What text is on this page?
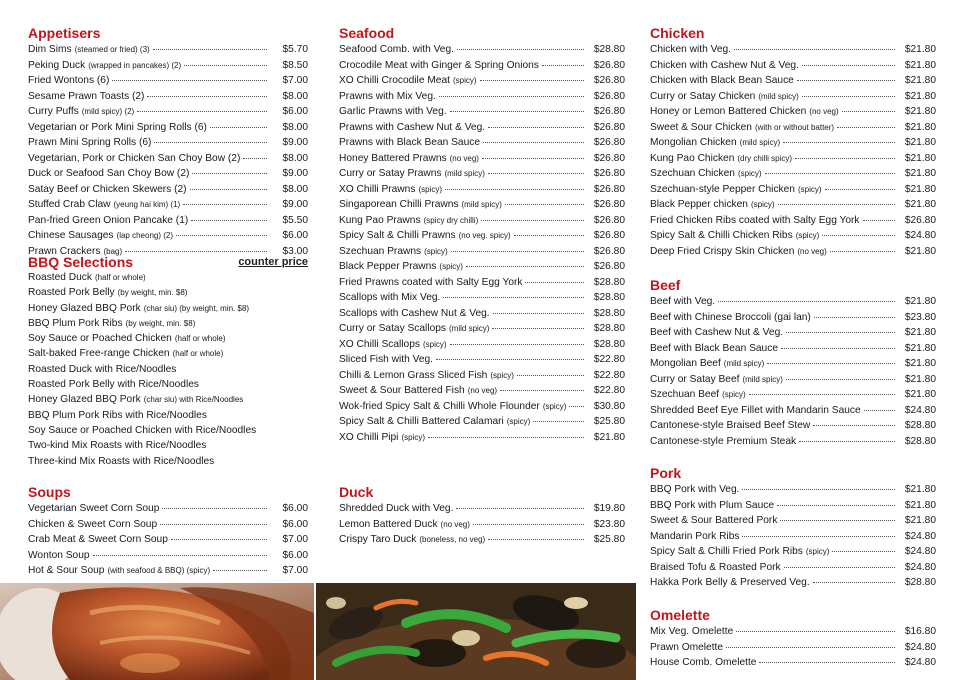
Appetisers
Dim Sims (steamed or fried) (3)	$5.70
Peking Duck (wrapped in pancakes) (2)	$8.50
Fried Wontons (6)	$7.00
Sesame Prawn Toasts (2)	$8.00
Curry Puffs (mild spicy) (2)	$6.00
Vegetarian or Pork Mini Spring Rolls (6)	$8.00
Prawn Mini Spring Rolls (6)	$9.00
Vegetarian, Pork or Chicken San Choy Bow (2)	$8.00
Duck or Seafood San Choy Bow (2)	$9.00
Satay Beef or Chicken Skewers (2)	$8.00
Stuffed Crab Claw (yeung hai kim) (1)	$9.00
Pan-fried Green Onion Pancake (1)	$5.50
Chinese Sausages (lap cheong) (2)	$6.00
Prawn Crackers (bag)	$3.00
BBQ Selections	counter price
Roasted Duck (half or whole)
Roasted Pork Belly (by weight, min. $8)
Honey Glazed BBQ Pork (char siu) (by weight, min. $8)
BBQ Plum Pork Ribs (by weight, min. $8)
Soy Sauce or Poached Chicken (half or whole)
Salt-baked Free-range Chicken (half or whole)
Roasted Duck with Rice/Noodles
Roasted Pork Belly with Rice/Noodles
Honey Glazed BBQ Pork (char siu) with Rice/Noodles
BBQ Plum Pork Ribs with Rice/Noodles
Soy Sauce or Poached Chicken with Rice/Noodles
Two-kind Mix Roasts with Rice/Noodles
Three-kind Mix Roasts with Rice/Noodles
Soups
Vegetarian Sweet Corn Soup	$6.00
Chicken & Sweet Corn Soup	$6.00
Crab Meat & Sweet Corn Soup	$7.00
Wonton Soup	$6.00
Hot & Sour Soup (with seafood & BBQ) (spicy)	$7.00
Seafood
Seafood Comb. with Veg.	$28.80
Crocodile Meat with Ginger & Spring Onions	$26.80
XO Chilli Crocodile Meat (spicy)	$26.80
Prawns with Mix Veg.	$26.80
Garlic Prawns with Veg.	$26.80
Prawns with Cashew Nut & Veg.	$26.80
Prawns with Black Bean Sauce	$26.80
Honey Battered Prawns (no veg)	$26.80
Curry or Satay Prawns (mild spicy)	$26.80
XO Chilli Prawns (spicy)	$26.80
Singaporean Chilli Prawns (mild spicy)	$26.80
Kung Pao Prawns (spicy dry chilli)	$26.80
Spicy Salt & Chilli Prawns (no veg. spicy)	$26.80
Szechuan Prawns (spicy)	$26.80
Black Pepper Prawns (spicy)	$26.80
Fried Prawns coated with Salty Egg York	$28.80
Scallops with Mix Veg.	$28.80
Scallops with Cashew Nut & Veg.	$28.80
Curry or Satay Scallops (mild spicy)	$28.80
XO Chilli Scallops (spicy)	$28.80
Sliced Fish with Veg.	$22.80
Chilli & Lemon Grass Sliced Fish (spicy)	$22.80
Sweet & Sour Battered Fish (no veg)	$22.80
Wok-fried Spicy Salt & Chilli Whole Flounder (spicy)	$30.80
Spicy Salt & Chilli Battered Calamari (spicy)	$25.80
XO Chilli Pipi (spicy)	$21.80
Duck
Shredded Duck with Veg.	$19.80
Lemon Battered Duck (no veg)	$23.80
Crispy Taro Duck (boneless, no veg)	$25.80
Chicken
Chicken with Veg.	$21.80
Chicken with Cashew Nut & Veg.	$21.80
Chicken with Black Bean Sauce	$21.80
Curry or Satay Chicken (mild spicy)	$21.80
Honey or Lemon Battered Chicken (no veg)	$21.80
Sweet & Sour Chicken (with or without batter)	$21.80
Mongolian Chicken (mild spicy)	$21.80
Kung Pao Chicken (dry chilli spicy)	$21.80
Szechuan Chicken (spicy)	$21.80
Szechuan-style Pepper Chicken (spicy)	$21.80
Black Pepper chicken (spicy)	$21.80
Fried Chicken Ribs coated with Salty Egg York	$26.80
Spicy Salt & Chilli Chicken Ribs (spicy)	$24.80
Deep Fried Crispy Skin Chicken (no veg)	$21.80
Beef
Beef with Veg.	$21.80
Beef with Chinese Broccoli (gai lan)	$23.80
Beef with Cashew Nut & Veg.	$21.80
Beef with Black Bean Sauce	$21.80
Mongolian Beef (mild spicy)	$21.80
Curry or Satay Beef (mild spicy)	$21.80
Szechuan Beef (spicy)	$21.80
Shredded Beef Eye Fillet with Mandarin Sauce	$24.80
Cantonese-style Braised Beef Stew	$28.80
Cantonese-style Premium Steak	$28.80
Pork
BBQ Pork with Veg.	$21.80
BBQ Pork with Plum Sauce	$21.80
Sweet & Sour Battered Pork	$21.80
Mandarin Pork Ribs	$24.80
Spicy Salt & Chilli Fried Pork Ribs (spicy)	$24.80
Braised Tofu & Roasted Pork	$24.80
Hakka Pork Belly & Preserved Veg.	$28.80
Omelette
Mix Veg. Omelette	$16.80
Prawn Omelette	$24.80
House Comb. Omelette	$24.80
